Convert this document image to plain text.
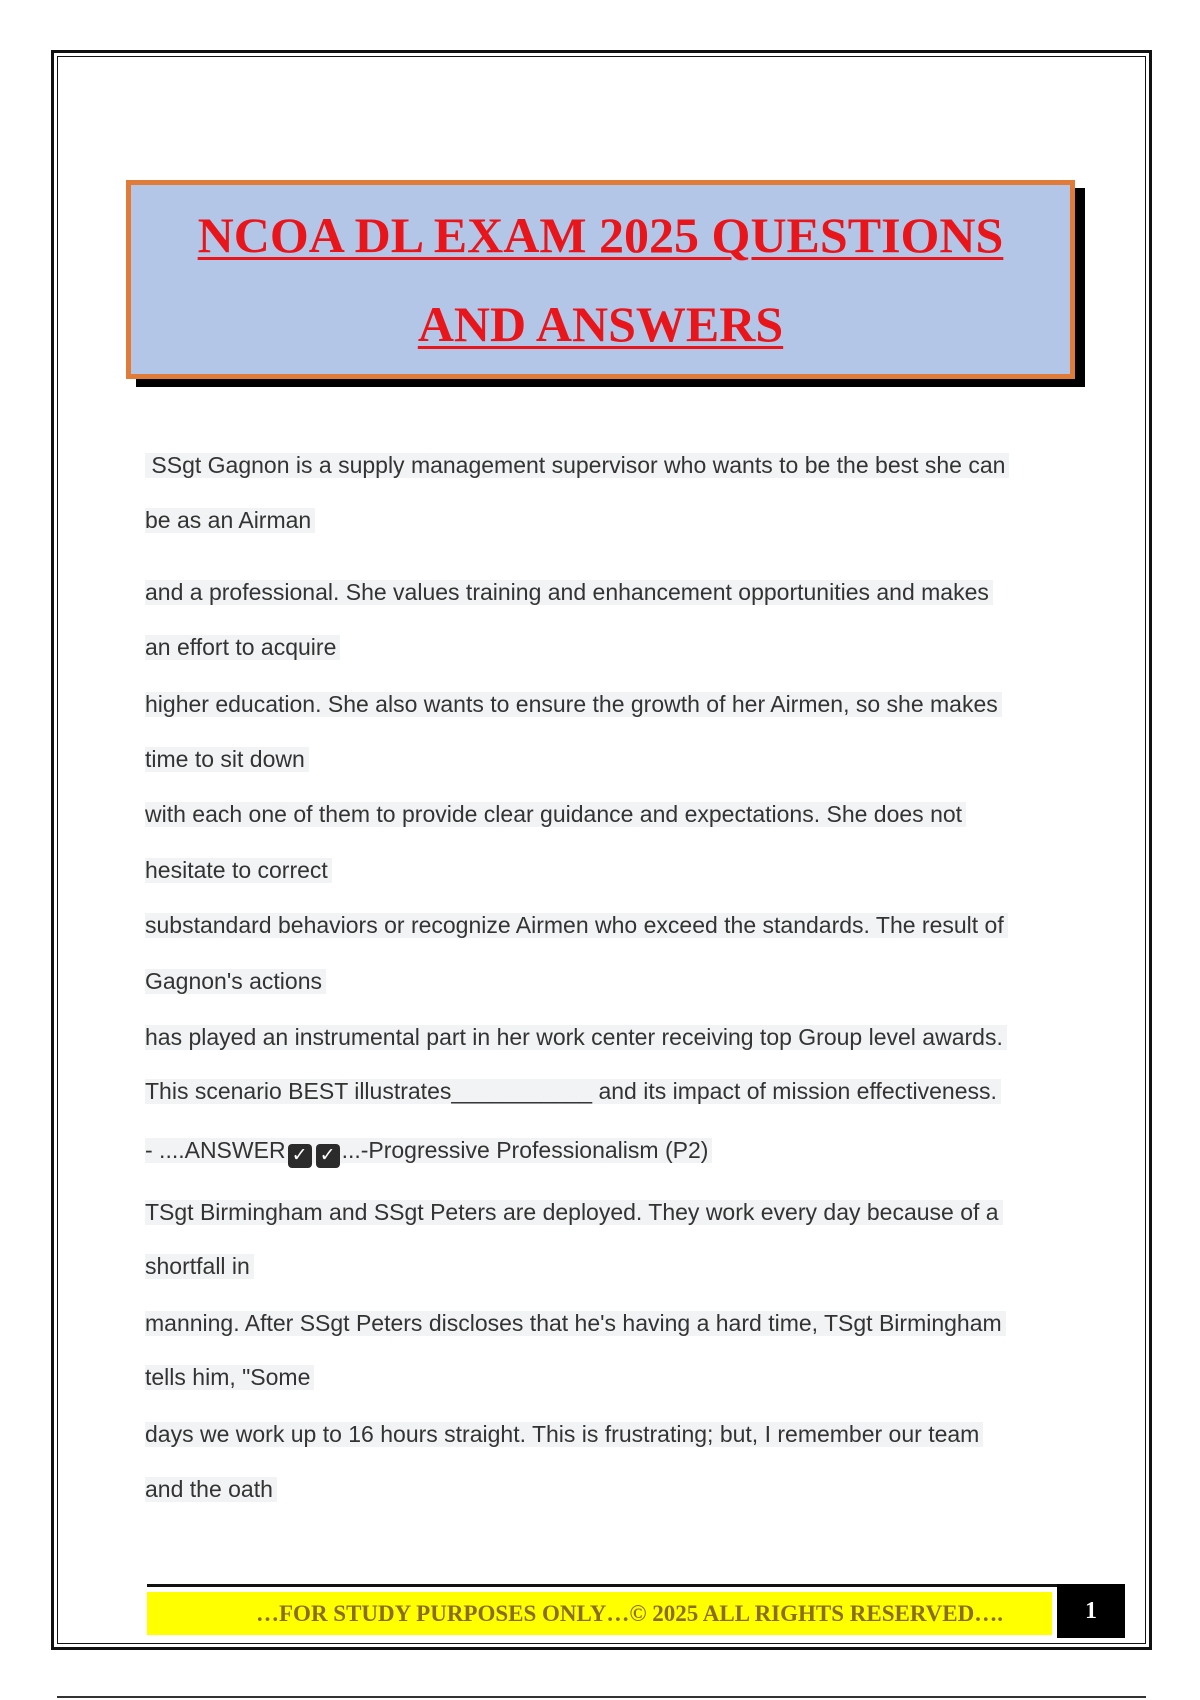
NCOA DL EXAM 2025 QUESTIONS
AND ANSWERS
SSgt Gagnon is a supply management supervisor who wants to be the best she can
be as an Airman
and a professional. She values training and enhancement opportunities and makes
an effort to acquire
higher education. She also wants to ensure the growth of her Airmen, so she makes
time to sit down
with each one of them to provide clear guidance and expectations. She does not
hesitate to correct
substandard behaviors or recognize Airmen who exceed the standards. The result of
Gagnon's actions
has played an instrumental part in her work center receiving top Group level awards.
This scenario BEST illustrates___________ and its impact of mission effectiveness.
- ....ANSWER ✓ ✓ ...-Progressive Professionalism (P2)
TSgt Birmingham and SSgt Peters are deployed. They work every day because of a
shortfall in
manning. After SSgt Peters discloses that he's having a hard time, TSgt Birmingham
tells him, "Some
days we work up to 16 hours straight. This is frustrating; but, I remember our team
and the oath
…FOR STUDY PURPOSES ONLY…© 2025 ALL RIGHTS RESERVED….	1
